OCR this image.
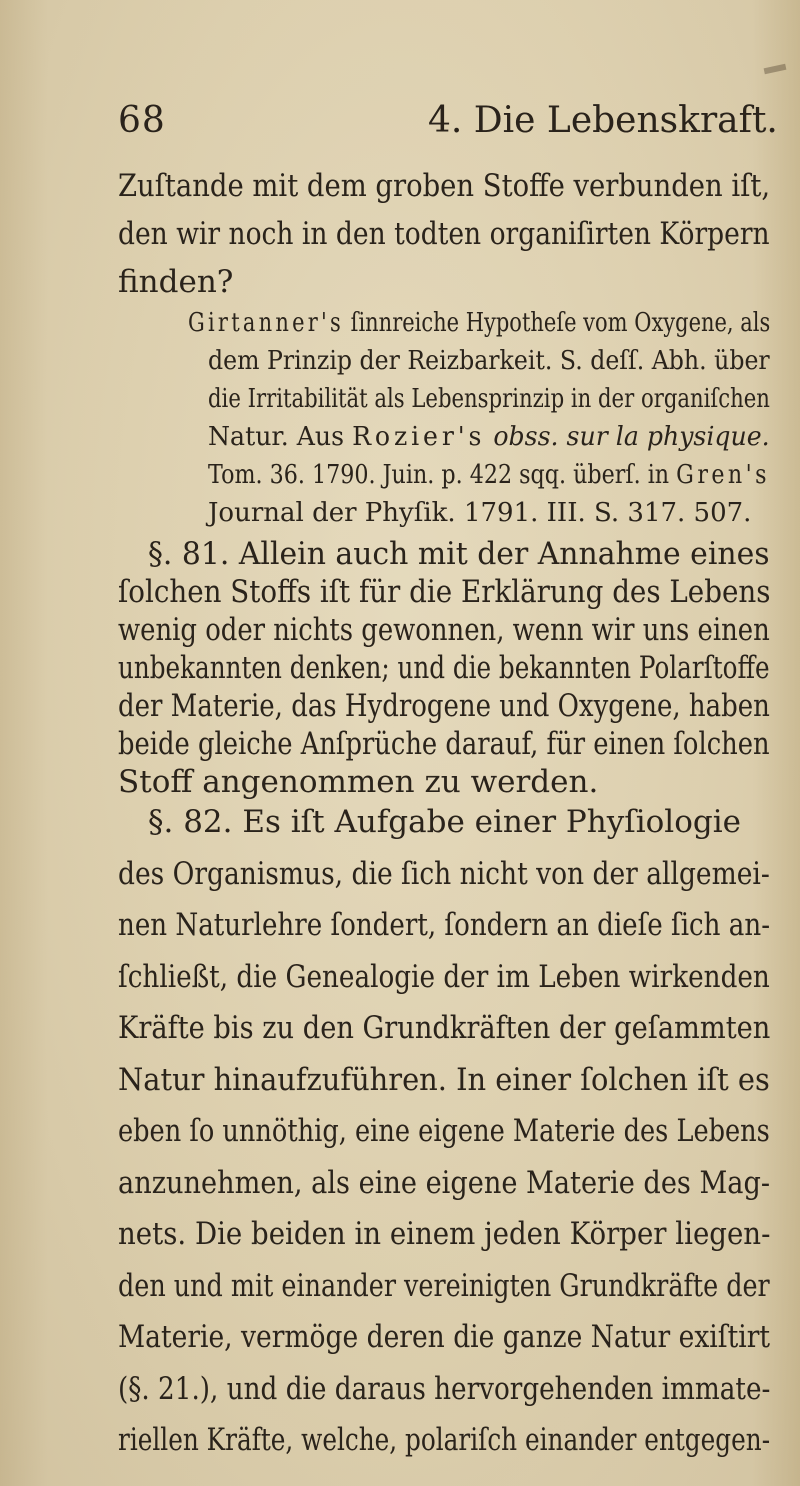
68	4. Die Lebenskraft.
Zuſtande mit dem groben Stoffe verbunden iſt,
den wir noch in den todten organiſirten Körpern
finden?
Girtanner's ſinnreiche Hypotheſe vom Oxygene, als
dem Prinzip der Reizbarkeit. S. deſſ. Abh. über
die Irritabilität als Lebensprinzip in der organiſchen
Natur. Aus Rozier's obss. sur la physique.
Tom. 36. 1790. Juin. p. 422 sqq. überſ. in Gren's
Journal der Phyſik. 1791. III. S. 317. 507.
§. 81. Allein auch mit der Annahme eines
ſolchen Stoffs iſt für die Erklärung des Lebens
wenig oder nichts gewonnen, wenn wir uns einen
unbekannten denken; und die bekannten Polarſtoffe
der Materie, das Hydrogene und Oxygene, haben
beide gleiche Anſprüche darauf, für einen ſolchen
Stoff angenommen zu werden.
§. 82. Es iſt Aufgabe einer Phyſiologie
des Organismus, die ſich nicht von der allgemei-
nen Naturlehre ſondert, ſondern an dieſe ſich an-
ſchließt, die Genealogie der im Leben wirkenden
Kräfte bis zu den Grundkräften der geſammten
Natur hinaufzuführen. In einer ſolchen iſt es
eben ſo unnöthig, eine eigene Materie des Lebens
anzunehmen, als eine eigene Materie des Mag-
nets. Die beiden in einem jeden Körper liegen-
den und mit einander vereinigten Grundkräfte der
Materie, vermöge deren die ganze Natur exiſtirt
(§. 21.), und die daraus hervorgehenden immate-
riellen Kräfte, welche, polariſch einander entgegen-
